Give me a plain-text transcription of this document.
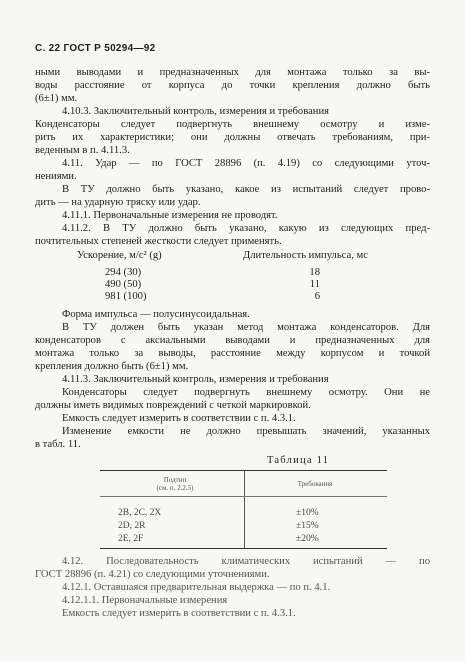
С. 22 ГОСТ Р 50294—92
ными выводами и предназначенных для монтажа только за вы-
воды расстояние от корпуса до точки крепления должно быть
(6±1) мм.
4.10.3. Заключительный контроль, измерения и требования
Конденсаторы следует подвергнуть внешнему осмотру и изме-
рить их характеристики; они должны отвечать требованиям, при-
веденным в п. 4.11.3.
4.11. Удар — по ГОСТ 28896 (п. 4.19) со следующими уточ-
нениями.
В ТУ должно быть указано, какое из испытаний следует прово-
дить — на ударную тряску или удар.
4.11.1. Первоначальные измерения не проводят.
4.11.2. В ТУ должно быть указано, какую из следующих пред-
почтительных степеней жесткости следует применять.
Ускорение, м/с² (g)	Длительность импульса, мс
294 (30)	18
490 (50)	11
981 (100)	6
Форма импульса — полусинусоидальная.
В ТУ должен быть указан метод монтажа конденсаторов. Для
конденсаторов с аксиальными выводами и предназначенных для
монтажа только за выводы, расстояние между корпусом и точкой
крепления должно быть (6±1) мм.
4.11.3. Заключительный контроль, измерения и требования
Конденсаторы следует подвергнуть внешнему осмотру. Они не
должны иметь видимых повреждений с четкой маркировкой.
Емкость следует измерить в соответствии с п. 4.3.1.
Изменение емкости не должно превышать значений, указанных
в табл. 11.
Таблица 11
Подтип
(см. п. 2.2.5)	Требования
2В, 2С, 2Х	±10%
2D, 2R	±15%
2Е, 2F	±20%
4.12. Последовательность климатических испытаний — по
ГОСТ 28896 (п. 4.21) со следующими уточнениями.
4.12.1. Оставшаяся предварительная выдержка — по п. 4.1.
4.12.1.1. Первоначальные измерения
Емкость следует измерить в соответствии с п. 4.3.1.
